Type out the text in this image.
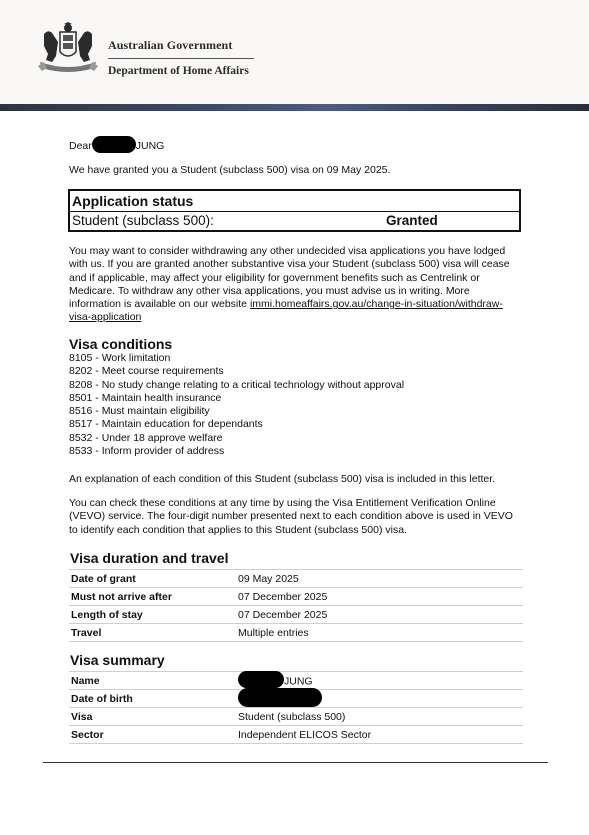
Australian Government
Department of Home Affairs
Dear	JUNG
We have granted you a Student (subclass 500) visa on 09 May 2025.
Application status
Student (subclass 500):	Granted
You may want to consider withdrawing any other undecided visa applications you have lodged with us. If you are granted another substantive visa your Student (subclass 500) visa will cease and if applicable, may affect your eligibility for government benefits such as Centrelink or Medicare. To withdraw any other visa applications, you must advise us in writing. More information is available on our website immi.homeaffairs.gov.au/change-in-situation/withdraw-visa-application
Visa conditions
8105 - Work limitation
8202 - Meet course requirements
8208 - No study change relating to a critical technology without approval
8501 - Maintain health insurance
8516 - Must maintain eligibility
8517 - Maintain education for dependants
8532 - Under 18 approve welfare
8533 - Inform provider of address
An explanation of each condition of this Student (subclass 500) visa is included in this letter.
You can check these conditions at any time by using the Visa Entitlement Verification Online (VEVO) service. The four-digit number presented next to each condition above is used in VEVO to identify each condition that applies to this Student (subclass 500) visa.
Visa duration and travel
Date of grant	09 May 2025
Must not arrive after	07 December 2025
Length of stay	07 December 2025
Travel	Multiple entries
Visa summary
Name	JUNG
Date of birth
Visa	Student (subclass 500)
Sector	Independent ELICOS Sector
